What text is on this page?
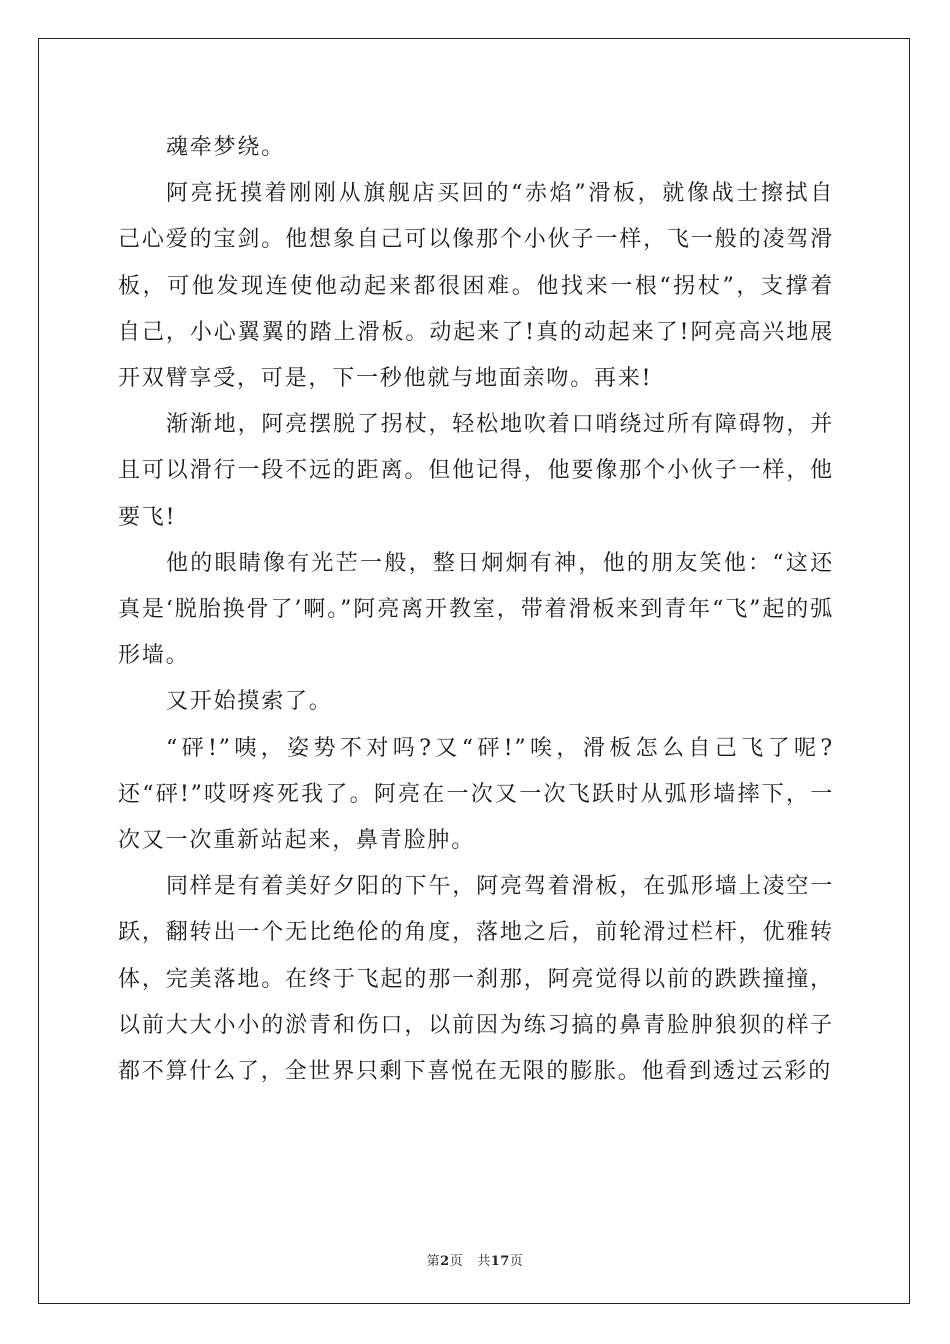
魂牵梦绕。

阿亮抚摸着刚刚从旗舰店买回的“赤焰”滑板，就像战士擦拭自己心爱的宝剑。他想象自己可以像那个小伙子一样，飞一般的凌驾滑板，可他发现连使他动起来都很困难。他找来一根“拐杖”，支撑着自己，小心翼翼的踏上滑板。动起来了!真的动起来了!阿亮高兴地展开双臂享受，可是，下一秒他就与地面亲吻。再来!

渐渐地，阿亮摆脱了拐杖，轻松地吹着口哨绕过所有障碍物，并且可以滑行一段不远的距离。但他记得，他要像那个小伙子一样，他要飞!

他的眼睛像有光芒一般，整日炯炯有神，他的朋友笑他：“这还真是‘脱胎换骨了’啊。”阿亮离开教室，带着滑板来到青年“飞”起的弧形墙。

又开始摸索了。

“砰!”咦，姿势不对吗?又“砰!”唉，滑板怎么自己飞了呢?还“砰!”哎呀疼死我了。阿亮在一次又一次飞跃时从弧形墙摔下，一次又一次重新站起来，鼻青脸肿。

同样是有着美好夕阳的下午，阿亮驾着滑板，在弧形墙上凌空一跃，翻转出一个无比绝伦的角度，落地之后，前轮滑过栏杆，优雅转体，完美落地。在终于飞起的那一刹那，阿亮觉得以前的跌跌撞撞，以前大大小小的淤青和伤口，以前因为练习搞的鼻青脸肿狼狈的样子都不算什么了，全世界只剩下喜悦在无限的膨胀。他看到透过云彩的

第2页 共17页
